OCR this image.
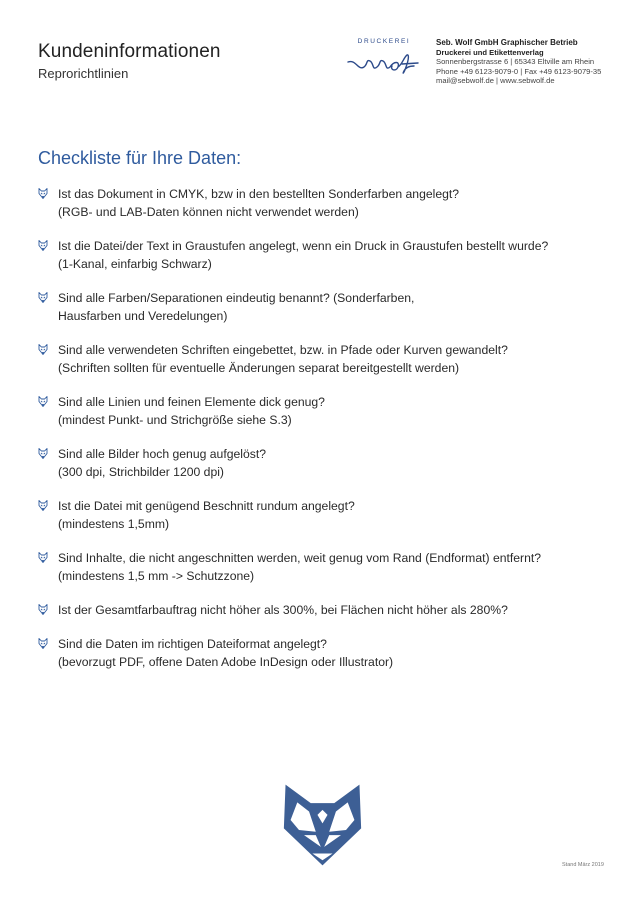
Kundeninformationen
Reprorichtlinien
DRUCKEREI	Seb. Wolf GmbH Graphischer Betrieb
Druckerei und Etikettenverlag
Sonnenbergstrasse 6 | 65343 Eltville am Rhein
Phone +49 6123-9079-0 | Fax +49 6123-9079-35
mail@sebwolf.de | www.sebwolf.de
Checkliste für Ihre Daten:
Ist das Dokument in CMYK, bzw in den bestellten Sonderfarben angelegt?
(RGB- und LAB-Daten können nicht verwendet werden)
Ist die Datei/der Text in Graustufen angelegt, wenn ein Druck in Graustufen bestellt wurde?
(1-Kanal, einfarbig Schwarz)
Sind alle Farben/Separationen eindeutig benannt? (Sonderfarben,
Hausfarben und Veredelungen)
Sind alle verwendeten Schriften eingebettet, bzw. in Pfade oder Kurven gewandelt?
(Schriften sollten für eventuelle Änderungen separat bereitgestellt werden)
Sind alle Linien und feinen Elemente dick genug?
(mindest Punkt- und Strichgröße siehe S.3)
Sind alle Bilder hoch genug aufgelöst?
(300 dpi, Strichbilder 1200 dpi)
Ist die Datei mit genügend Beschnitt rundum angelegt?
(mindestens 1,5mm)
Sind Inhalte, die nicht angeschnitten werden, weit genug vom Rand (Endformat) entfernt?
(mindestens 1,5 mm -> Schutzzone)
Ist der Gesamtfarbauftrag nicht höher als 300%, bei Flächen nicht höher als 280%?
Sind die Daten im richtigen Dateiformat angelegt?
(bevorzugt PDF, offene Daten Adobe InDesign oder Illustrator)
Stand März 2019
